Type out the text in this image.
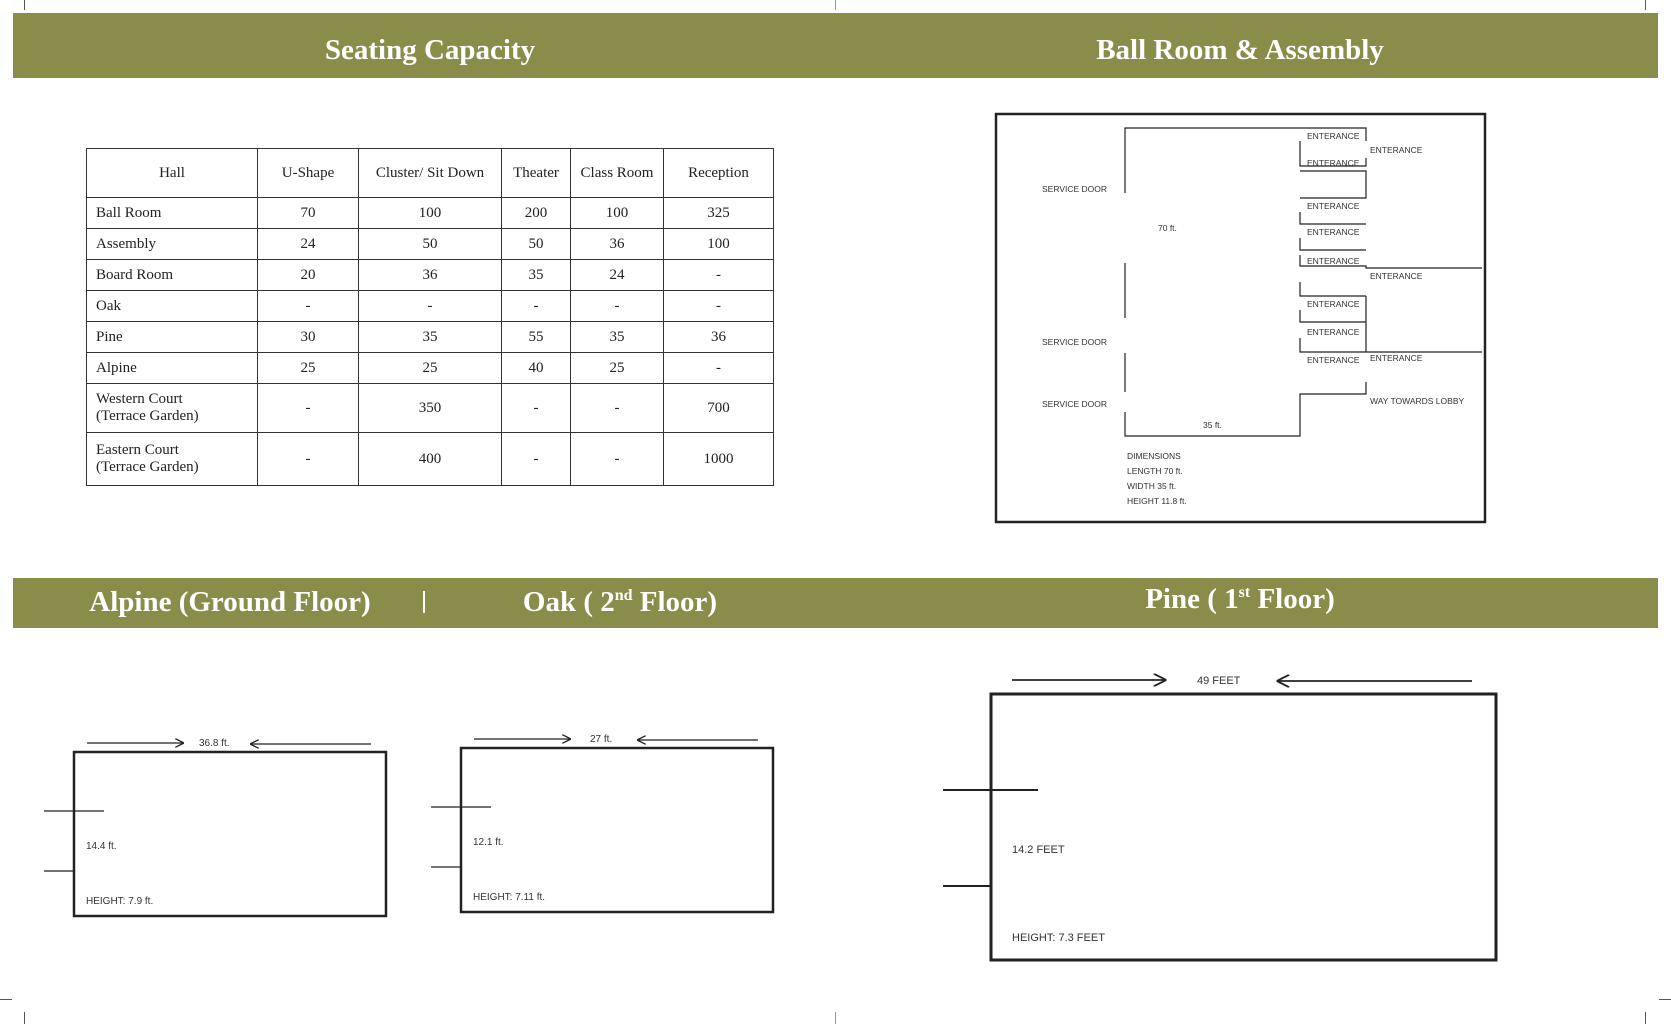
Seating Capacity	Ball Room & Assembly
Alpine (Ground Floor)	Oak ( 2nd Floor)	Pine ( 1st Floor)
Hall	U-Shape	Cluster/ Sit Down	Theater	Class Room	Reception
Ball Room	70	100	200	100	325
Assembly	24	50	50	36	100
Board Room	20	36	35	24	-
Oak	-	-	-	-	-
Pine	30	35	55	35	36
Alpine	25	25	40	25	-
Western Court
(Terrace Garden)	-	350	-	-	700
Eastern Court
(Terrace Garden)	-	400	-	-	1000
SERVICE DOOR
SERVICE DOOR
SERVICE DOOR
ENTERANCE
ENTERANCE
ENTERANCE
ENTERANCE
ENTERANCE
ENTERANCE
ENTERANCE
ENTERANCE
ENTERANCE
ENTERANCE ENTERANCE
70 ft.
35 ft.
WAY TOWARDS LOBBY
DIMENSIONS
LENGTH 70 ft.
WIDTH 35 ft.
HEIGHT 11.8 ft.
36.8 ft.
14.4 ft.
HEIGHT: 7.9 ft.
27 ft.
12.1 ft.
HEIGHT: 7.11 ft.
49 FEET
14.2 FEET
HEIGHT: 7.3 FEET
